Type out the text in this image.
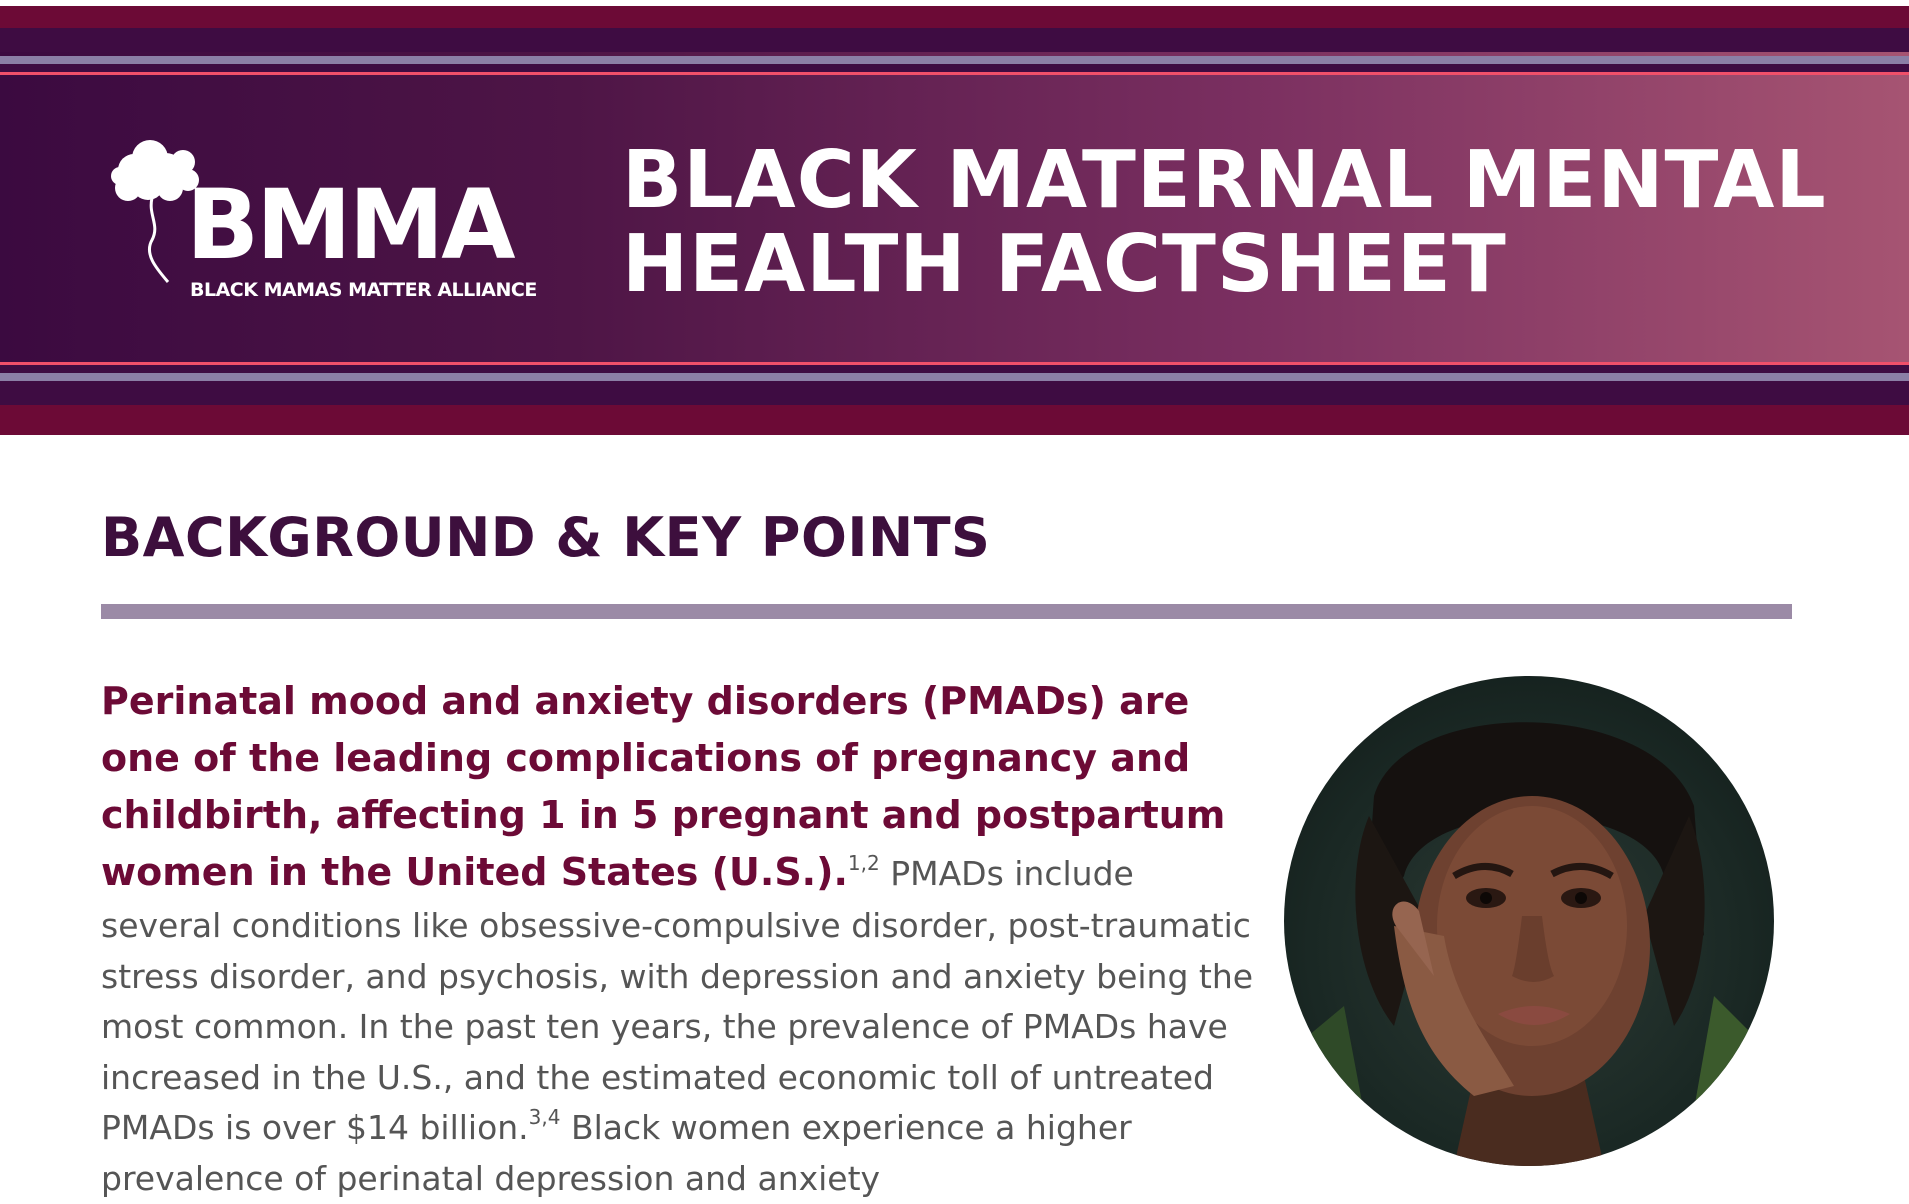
BMMA
BLACK MAMAS MATTER ALLIANCE
BLACK MATERNAL MENTAL
HEALTH FACTSHEET
BACKGROUND & KEY POINTS
Perinatal mood and anxiety disorders (PMADs) are one of the leading complications of pregnancy and childbirth, affecting 1 in 5 pregnant and postpartum women in the United States (U.S.).$^{1,2}$ PMADs include several conditions like obsessive-compulsive disorder, post-traumatic stress disorder, and psychosis, with depression and anxiety being the most common. In the past ten years, the prevalence of PMADs have increased in the U.S., and the estimated economic toll of untreated PMADs is over $14 billion.$^{3,4}$ Black women experience a higher prevalence of perinatal depression and anxiety
